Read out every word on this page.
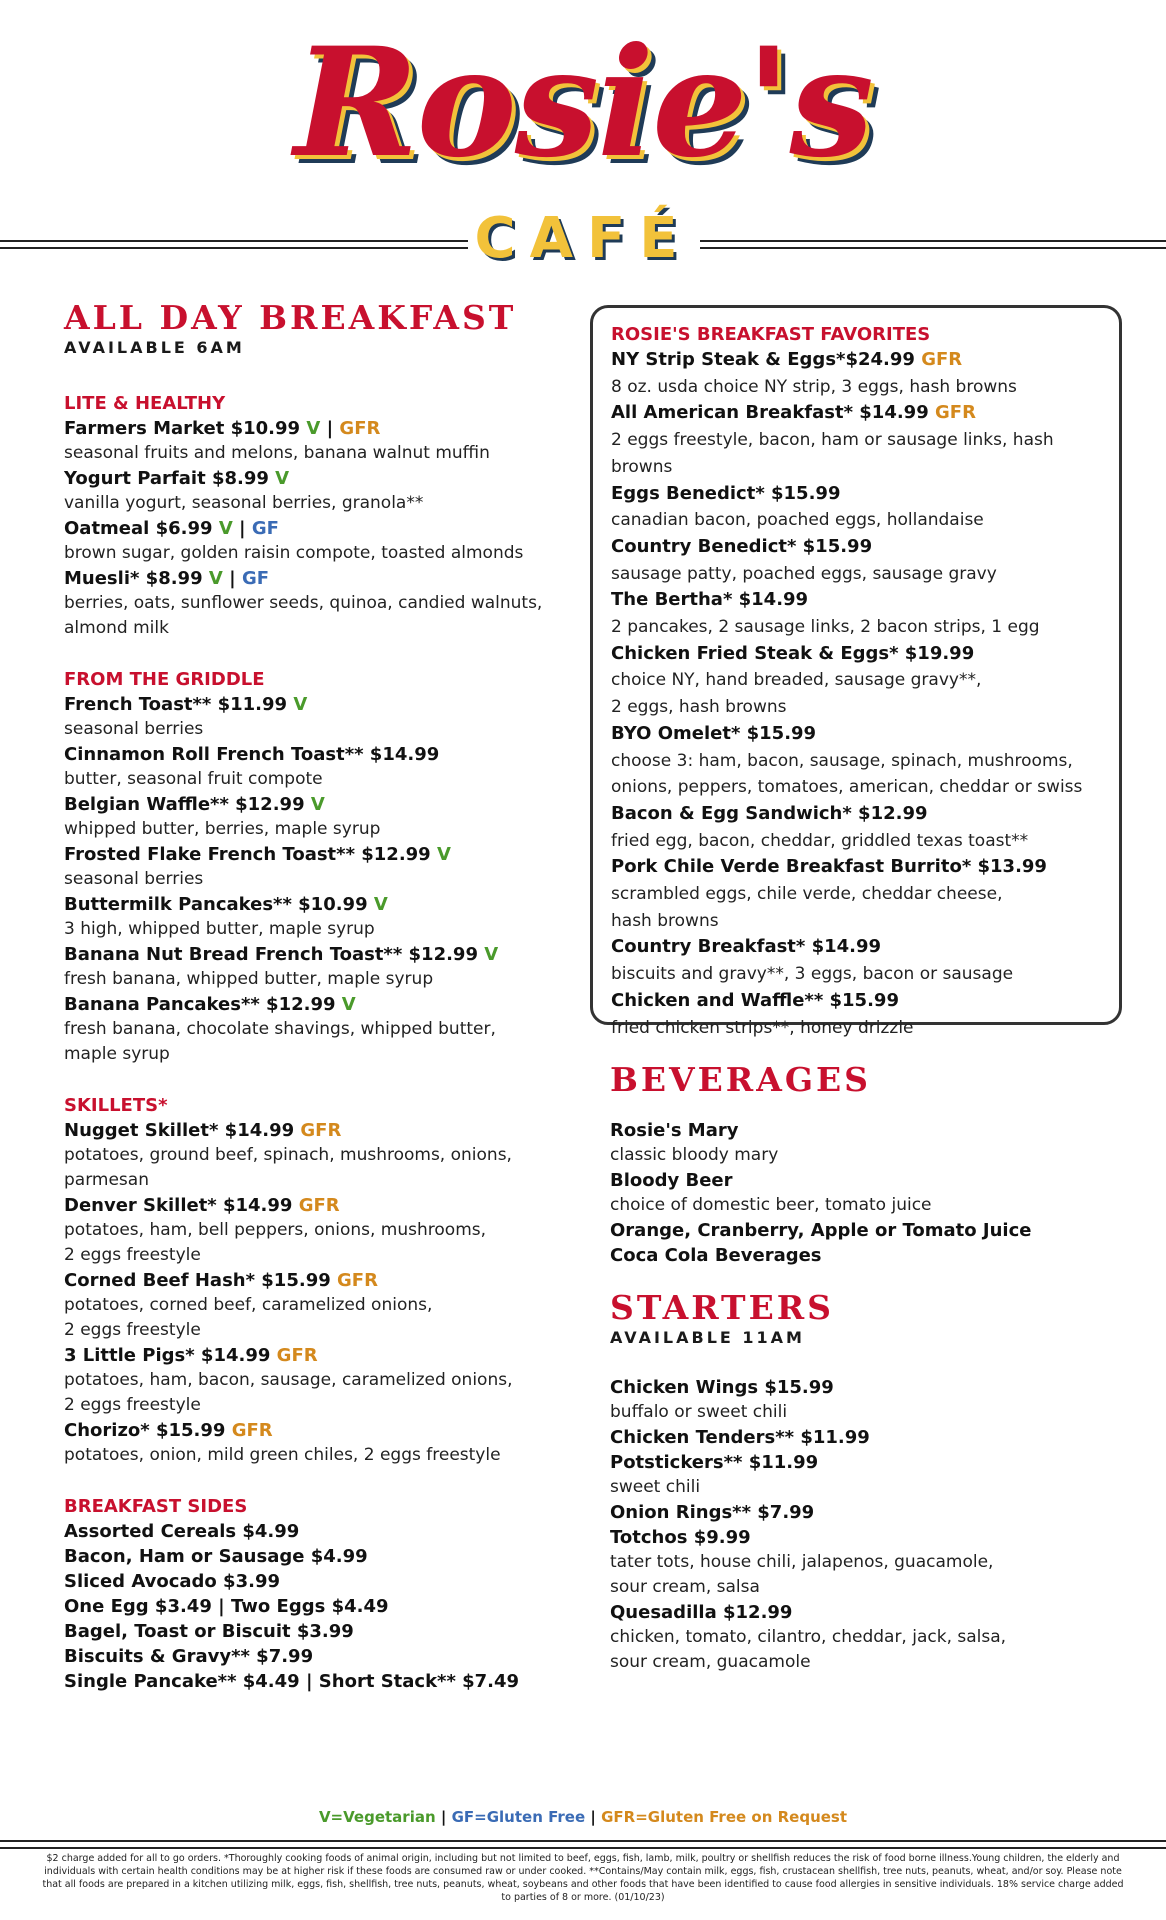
Rosie's
CAFÉ
ALL DAY BREAKFAST
AVAILABLE 6AM
LITE & HEALTHY
Farmers Market $10.99 V | GFR
seasonal fruits and melons, banana walnut muffin
Yogurt Parfait $8.99 V
vanilla yogurt, seasonal berries, granola**
Oatmeal $6.99 V | GF
brown sugar, golden raisin compote, toasted almonds
Muesli* $8.99 V | GF
berries, oats, sunflower seeds, quinoa, candied walnuts,
almond milk
FROM THE GRIDDLE
French Toast** $11.99 V
seasonal berries
Cinnamon Roll French Toast** $14.99
butter, seasonal fruit compote
Belgian Waffle** $12.99 V
whipped butter, berries, maple syrup
Frosted Flake French Toast** $12.99 V
seasonal berries
Buttermilk Pancakes** $10.99 V
3 high, whipped butter, maple syrup
Banana Nut Bread French Toast** $12.99 V
fresh banana, whipped butter, maple syrup
Banana Pancakes** $12.99 V
fresh banana, chocolate shavings, whipped butter,
maple syrup
SKILLETS*
Nugget Skillet* $14.99 GFR
potatoes, ground beef, spinach, mushrooms, onions, parmesan
Denver Skillet* $14.99 GFR
potatoes, ham, bell peppers, onions, mushrooms,
2 eggs freestyle
Corned Beef Hash* $15.99 GFR
potatoes, corned beef, caramelized onions,
2 eggs freestyle
3 Little Pigs* $14.99 GFR
potatoes, ham, bacon, sausage, caramelized onions,
2 eggs freestyle
Chorizo* $15.99 GFR
potatoes, onion, mild green chiles, 2 eggs freestyle
BREAKFAST SIDES
Assorted Cereals $4.99
Bacon, Ham or Sausage $4.99
Sliced Avocado $3.99
One Egg $3.49 | Two Eggs $4.49
Bagel, Toast or Biscuit $3.99
Biscuits & Gravy** $7.99
Single Pancake** $4.49 | Short Stack** $7.49
ROSIE'S BREAKFAST FAVORITES
NY Strip Steak & Eggs*$24.99 GFR
8 oz. usda choice NY strip, 3 eggs, hash browns
All American Breakfast* $14.99 GFR
2 eggs freestyle, bacon, ham or sausage links, hash browns
Eggs Benedict* $15.99
canadian bacon, poached eggs, hollandaise
Country Benedict* $15.99
sausage patty, poached eggs, sausage gravy
The Bertha* $14.99
2 pancakes, 2 sausage links, 2 bacon strips, 1 egg
Chicken Fried Steak & Eggs* $19.99
choice NY, hand breaded, sausage gravy**,
2 eggs, hash browns
BYO Omelet* $15.99
choose 3: ham, bacon, sausage, spinach, mushrooms,
onions, peppers, tomatoes, american, cheddar or swiss
Bacon & Egg Sandwich* $12.99
fried egg, bacon, cheddar, griddled texas toast**
Pork Chile Verde Breakfast Burrito* $13.99
scrambled eggs, chile verde, cheddar cheese,
hash browns
Country Breakfast* $14.99
biscuits and gravy**, 3 eggs, bacon or sausage
Chicken and Waffle** $15.99
fried chicken strips**, honey drizzle
BEVERAGES
Rosie's Mary
classic bloody mary
Bloody Beer
choice of domestic beer, tomato juice
Orange, Cranberry, Apple or Tomato Juice
Coca Cola Beverages
STARTERS
AVAILABLE 11AM
Chicken Wings $15.99
buffalo or sweet chili
Chicken Tenders** $11.99
Potstickers** $11.99
sweet chili
Onion Rings** $7.99
Totchos $9.99
tater tots, house chili, jalapenos, guacamole,
sour cream, salsa
Quesadilla $12.99
chicken, tomato, cilantro, cheddar, jack, salsa,
sour cream, guacamole
V=Vegetarian | GF=Gluten Free | GFR=Gluten Free on Request
$2 charge added for all to go orders. *Thoroughly cooking foods of animal origin, including but not limited to beef, eggs, fish, lamb, milk, poultry or shellfish reduces the risk of food borne illness.Young children, the elderly and individuals with certain health conditions may be at higher risk if these foods are consumed raw or under cooked. **Contains/May contain milk, eggs, fish, crustacean shellfish, tree nuts, peanuts, wheat, and/or soy. Please note that all foods are prepared in a kitchen utilizing milk, eggs, fish, shellfish, tree nuts, peanuts, wheat, soybeans and other foods that have been identified to cause food allergies in sensitive individuals. 18% service charge added to parties of 8 or more. (01/10/23)
